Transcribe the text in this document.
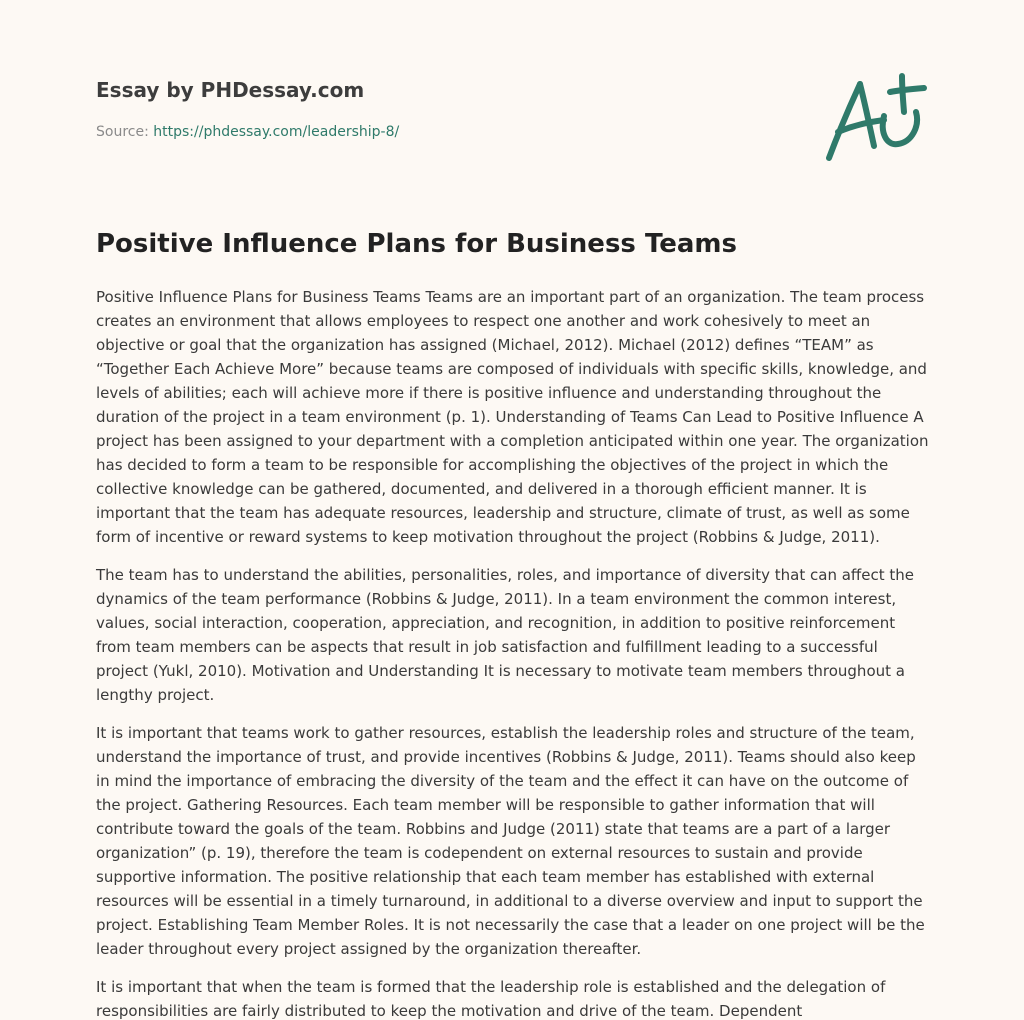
Essay by PHDessay.com
Source: https://phdessay.com/leadership-8/
Positive Influence Plans for Business Teams

Positive Influence Plans for Business Teams Teams are an important part of an organization. The team process creates an environment that allows employees to respect one another and work cohesively to meet an objective or goal that the organization has assigned (Michael, 2012). Michael (2012) defines “TEAM” as “Together Each Achieve More” because teams are composed of individuals with specific skills, knowledge, and levels of abilities; each will achieve more if there is positive influence and understanding throughout the duration of the project in a team environment (p. 1). Understanding of Teams Can Lead to Positive Influence A project has been assigned to your department with a completion anticipated within one year. The organization has decided to form a team to be responsible for accomplishing the objectives of the project in which the collective knowledge can be gathered, documented, and delivered in a thorough efficient manner. It is important that the team has adequate resources, leadership and structure, climate of trust, as well as some form of incentive or reward systems to keep motivation throughout the project (Robbins & Judge, 2011).

The team has to understand the abilities, personalities, roles, and importance of diversity that can affect the dynamics of the team performance (Robbins & Judge, 2011). In a team environment the common interest, values, social interaction, cooperation, appreciation, and recognition, in addition to positive reinforcement from team members can be aspects that result in job satisfaction and fulfillment leading to a successful project (Yukl, 2010). Motivation and Understanding It is necessary to motivate team members throughout a lengthy project.

It is important that teams work to gather resources, establish the leadership roles and structure of the team, understand the importance of trust, and provide incentives (Robbins & Judge, 2011). Teams should also keep in mind the importance of embracing the diversity of the team and the effect it can have on the outcome of the project. Gathering Resources. Each team member will be responsible to gather information that will contribute toward the goals of the team. Robbins and Judge (2011) state that teams are a part of a larger organization” (p. 19), therefore the team is codependent on external resources to sustain and provide supportive information. The positive relationship that each team member has established with external resources will be essential in a timely turnaround, in additional to a diverse overview and input to support the project. Establishing Team Member Roles. It is not necessarily the case that a leader on one project will be the leader throughout every project assigned by the organization thereafter.

It is important that when the team is formed that the leadership role is established and the delegation of responsibilities are fairly distributed to keep the motivation and drive of the team. Dependent
